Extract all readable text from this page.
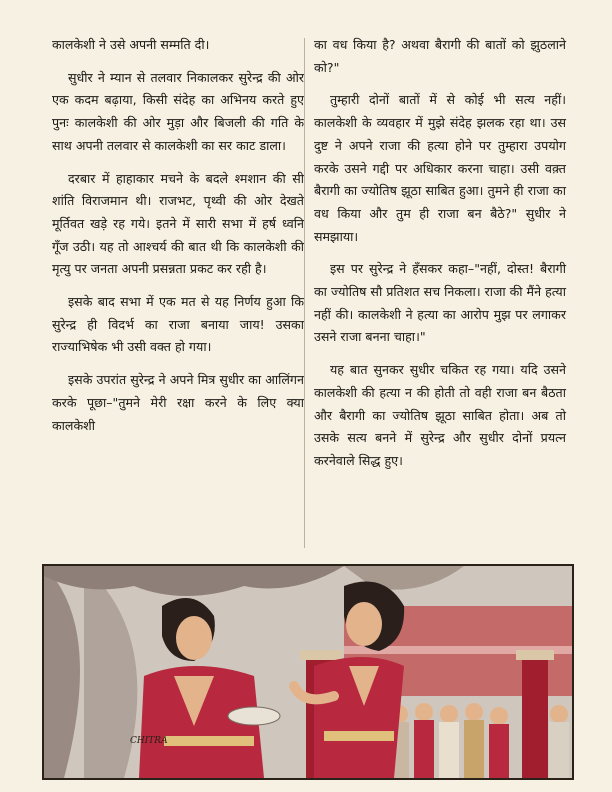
कालकेशी ने उसे अपनी सम्मति दी।

सुधीर ने म्यान से तलवार निकालकर सुरेन्द्र की ओर एक कदम बढ़ाया, किसी संदेह का अभिनय करते हुए पुनः कालकेशी की ओर मुड़ा और बिजली की गति के साथ अपनी तलवार से कालकेशी का सर काट डाला।

दरबार में हाहाकार मचने के बदले श्मशान की सी शांति विराजमान थी। राजभट, पृथ्वी की ओर देखते मूर्तिवत खड़े रह गये। इतने में सारी सभा में हर्ष ध्वनि गूँज उठी। यह तो आश्चर्य की बात थी कि कालकेशी की मृत्यु पर जनता अपनी प्रसन्नता प्रकट कर रही है।

इसके बाद सभा में एक मत से यह निर्णय हुआ कि सुरेन्द्र ही विदर्भ का राजा बनाया जाय! उसका राज्याभिषेक भी उसी वक्त हो गया।

इसके उपरांत सुरेन्द्र ने अपने मित्र सुधीर का आलिंगन करके पूछा–"तुमने मेरी रक्षा करने के लिए क्या कालकेशी

का वध किया है? अथवा बैरागी की बातों को झुठलाने को?"

तुम्हारी दोनों बातों में से कोई भी सत्य नहीं। कालकेशी के व्यवहार में मुझे संदेह झलक रहा था। उस दुष्ट ने अपने राजा की हत्या होने पर तुम्हारा उपयोग करके उसने गद्दी पर अधिकार करना चाहा। उसी वक़्त बैरागी का ज्योतिष झूठा साबित हुआ। तुमने ही राजा का वध किया और तुम ही राजा बन बैठे?" सुधीर ने समझाया।

इस पर सुरेन्द्र ने हँसकर कहा–"नहीं, दोस्त! बैरागी का ज्योतिष सौ प्रतिशत सच निकला। राजा की मैंने हत्या नहीं की। कालकेशी ने हत्या का आरोप मुझ पर लगाकर उसने राजा बनना चाहा।"

यह बात सुनकर सुधीर चकित रह गया। यदि उसने कालकेशी की हत्या न की होती तो वही राजा बन बैठता और बैरागी का ज्योतिष झूठा साबित होता। अब तो उसके सत्य बनने में सुरेन्द्र और सुधीर दोनों प्रयत्न करनेवाले सिद्ध हुए।

CHITRA
